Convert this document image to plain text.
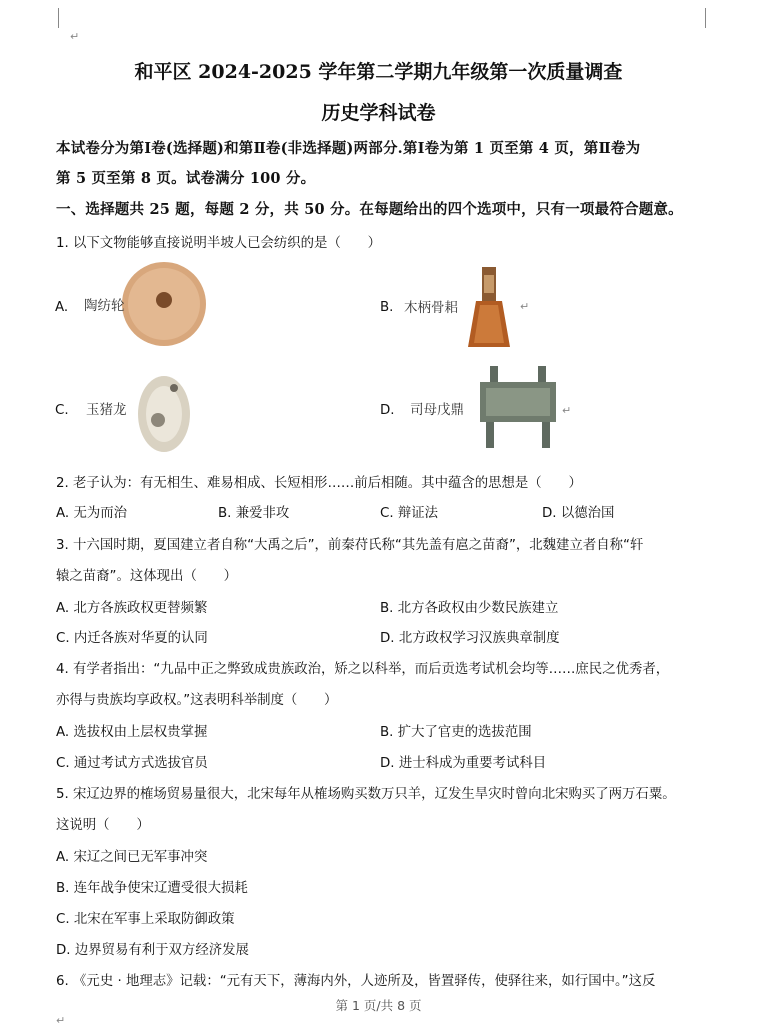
↵
和平区 2024-2025 学年第二学期九年级第一次质量调查
历史学科试卷
本试卷分为第Ⅰ卷(选择题)和第Ⅱ卷(非选择题)两部分.第Ⅰ卷为第 1 页至第 4 页，第Ⅱ卷为
第 5 页至第 8 页。试卷满分 100 分。
一、选择题共 25 题，每题 2 分，共 50 分。在每题给出的四个选项中，只有一项最符合题意。
1. 以下文物能够直接说明半坡人已会纺织的是（　　）
A. 陶纺轮	B. 木柄骨耜	↵
C. 玉猪龙	D. 司母戊鼎	↵
2. 老子认为：有无相生、难易相成、长短相形……前后相随。其中蕴含的思想是（　　）
A. 无为而治	B. 兼爱非攻	C. 辩证法	D. 以德治国
3. 十六国时期，夏国建立者自称“大禹之后”，前秦苻氏称“其先盖有扈之苗裔”，北魏建立者自称“轩
辕之苗裔”。这体现出（　　）
A. 北方各族政权更替频繁	B. 北方各政权由少数民族建立
C. 内迁各族对华夏的认同	D. 北方政权学习汉族典章制度
4. 有学者指出：“九品中正之弊致成贵族政治，矫之以科举，而后贡选考试机会均等……庶民之优秀者，
亦得与贵族均享政权。”这表明科举制度（　　）
A. 选拔权由上层权贵掌握	B. 扩大了官吏的选拔范围
C. 通过考试方式选拔官员	D. 进士科成为重要考试科目
5. 宋辽边界的榷场贸易量很大，北宋每年从榷场购买数万只羊，辽发生旱灾时曾向北宋购买了两万石粟。
这说明（　　）
A. 宋辽之间已无军事冲突
B. 连年战争使宋辽遭受很大损耗
C. 北宋在军事上采取防御政策
D. 边界贸易有利于双方经济发展
6. 《元史 · 地理志》记载：“元有天下，薄海内外，人迹所及，皆置驿传，使驿往来，如行国中。”这反
第 1 页/共 8 页
↵
